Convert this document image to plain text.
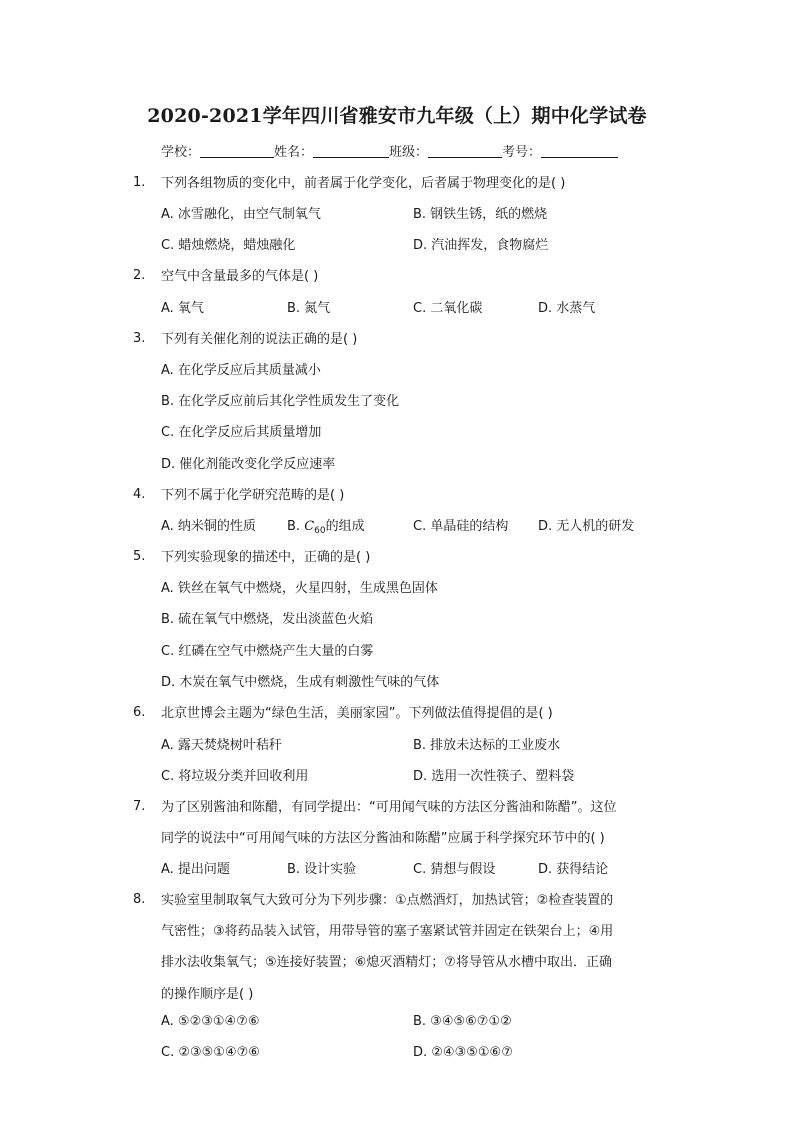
2020-2021学年四川省雅安市九年级（上）期中化学试卷
学校：	姓名：	班级：	考号：
1. 下列各组物质的变化中，前者属于化学变化，后者属于物理变化的是( )
A. 冰雪融化，由空气制氧气	B. 钢铁生锈，纸的燃烧
C. 蜡烛燃烧，蜡烛融化	D. 汽油挥发，食物腐烂
2. 空气中含量最多的气体是( )
A. 氧气	B. 氮气	C. 二氧化碳	D. 水蒸气
3. 下列有关催化剂的说法正确的是( )
A. 在化学反应后其质量减小
B. 在化学反应前后其化学性质发生了变化
C. 在化学反应后其质量增加
D. 催化剂能改变化学反应速率
4. 下列不属于化学研究范畴的是( )
A. 纳米铜的性质 B. $C_{60}$的组成	C. 单晶硅的结构 D. 无人机的研发
5. 下列实验现象的描述中，正确的是( )
A. 铁丝在氧气中燃烧，火星四射，生成黑色固体
B. 硫在氧气中燃烧，发出淡蓝色火焰
C. 红磷在空气中燃烧产生大量的白雾
D. 木炭在氧气中燃烧，生成有刺激性气味的气体
6. 北京世博会主题为“绿色生活，美丽家园”。下列做法值得提倡的是( )
A. 露天焚烧树叶秸秆	B. 排放未达标的工业废水
C. 将垃圾分类并回收利用	D. 选用一次性筷子、塑料袋
7. 为了区别酱油和陈醋，有同学提出：“可用闻气味的方法区分酱油和陈醋”。这位
同学的说法中“可用闻气味的方法区分酱油和陈醋”应属于科学探究环节中的( )
A. 提出问题	B. 设计实验	C. 猜想与假设	D. 获得结论
8. 实验室里制取氧气大致可分为下列步骤：①点燃酒灯，加热试管；②检查装置的
气密性；③将药品装入试管，用带导管的塞子塞紧试管并固定在铁架台上；④用
排水法收集氧气；⑤连接好装置；⑥熄灭酒精灯；⑦将导管从水槽中取出．正确
的操作顺序是( )
A. ⑤②③①④⑦⑥	B. ③④⑤⑥⑦①②
C. ②③⑤①④⑦⑥	D. ②④③⑤①⑥⑦
